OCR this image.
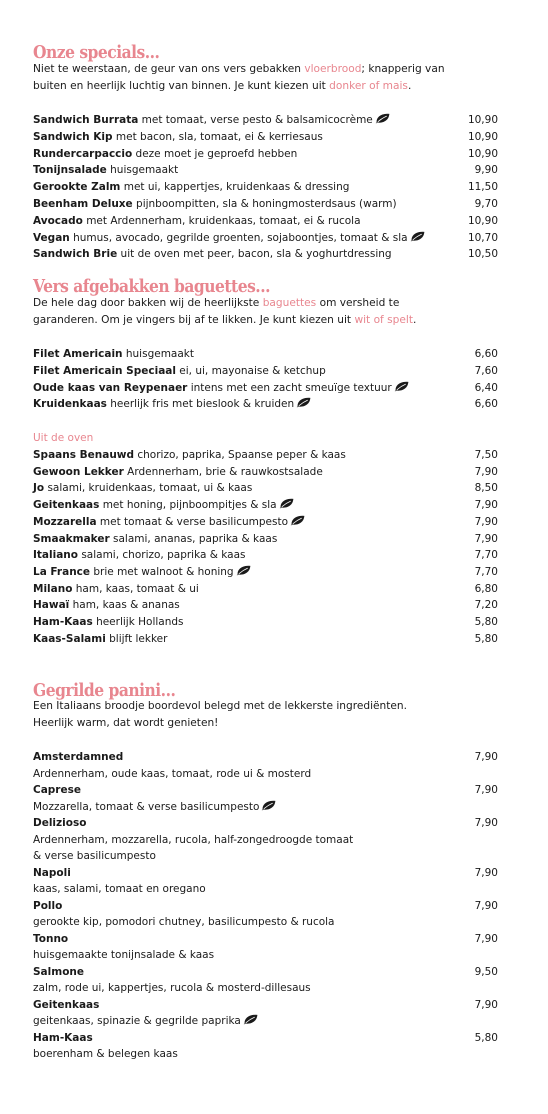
Onze specials...
Niet te weerstaan, de geur van ons vers gebakken vloerbrood; knapperig van
buiten en heerlijk luchtig van binnen. Je kunt kiezen uit donker of mais.
Sandwich Burrata met tomaat, verse pesto & balsamicocrème	10,90
Sandwich Kip met bacon, sla, tomaat, ei & kerriesaus	10,90
Rundercarpaccio deze moet je geproefd hebben	10,90
Tonijnsalade huisgemaakt	9,90
Gerookte Zalm met ui, kappertjes, kruidenkaas & dressing	11,50
Beenham Deluxe pijnboompitten, sla & honingmosterdsaus (warm)	9,70
Avocado met Ardennerham, kruidenkaas, tomaat, ei & rucola	10,90
Vegan humus, avocado, gegrilde groenten, sojaboontjes, tomaat & sla	10,70
Sandwich Brie uit de oven met peer, bacon, sla & yoghurtdressing	10,50
Vers afgebakken baguettes...
De hele dag door bakken wij de heerlijkste baguettes om versheid te
garanderen. Om je vingers bij af te likken. Je kunt kiezen uit wit of spelt.
Filet Americain huisgemaakt	6,60
Filet Americain Speciaal ei, ui, mayonaise & ketchup	7,60
Oude kaas van Reypenaer intens met een zacht smeuïge textuur	6,40
Kruidenkaas heerlijk fris met bieslook & kruiden	6,60
Uit de oven
Spaans Benauwd chorizo, paprika, Spaanse peper & kaas	7,50
Gewoon Lekker Ardennerham, brie & rauwkostsalade	7,90
Jo salami, kruidenkaas, tomaat, ui & kaas	8,50
Geitenkaas met honing, pijnboompitjes & sla	7,90
Mozzarella met tomaat & verse basilicumpesto	7,90
Smaakmaker salami, ananas, paprika & kaas	7,90
Italiano salami, chorizo, paprika & kaas	7,70
La France brie met walnoot & honing	7,70
Milano ham, kaas, tomaat & ui	6,80
Hawaï ham, kaas & ananas	7,20
Ham-Kaas heerlijk Hollands	5,80
Kaas-Salami blijft lekker	5,80
Gegrilde panini...
Een Italiaans broodje boordevol belegd met de lekkerste ingrediënten.
Heerlijk warm, dat wordt genieten!
Amsterdamned	7,90
Ardennerham, oude kaas, tomaat, rode ui & mosterd
Caprese	7,90
Mozzarella, tomaat & verse basilicumpesto
Delizioso	7,90
Ardennerham, mozzarella, rucola, half-zongedroogde tomaat
& verse basilicumpesto
Napoli	7,90
kaas, salami, tomaat en oregano
Pollo	7,90
gerookte kip, pomodori chutney, basilicumpesto & rucola
Tonno	7,90
huisgemaakte tonijnsalade & kaas
Salmone	9,50
zalm, rode ui, kappertjes, rucola & mosterd-dillesaus
Geitenkaas	7,90
geitenkaas, spinazie & gegrilde paprika
Ham-Kaas	5,80
boerenham & belegen kaas
